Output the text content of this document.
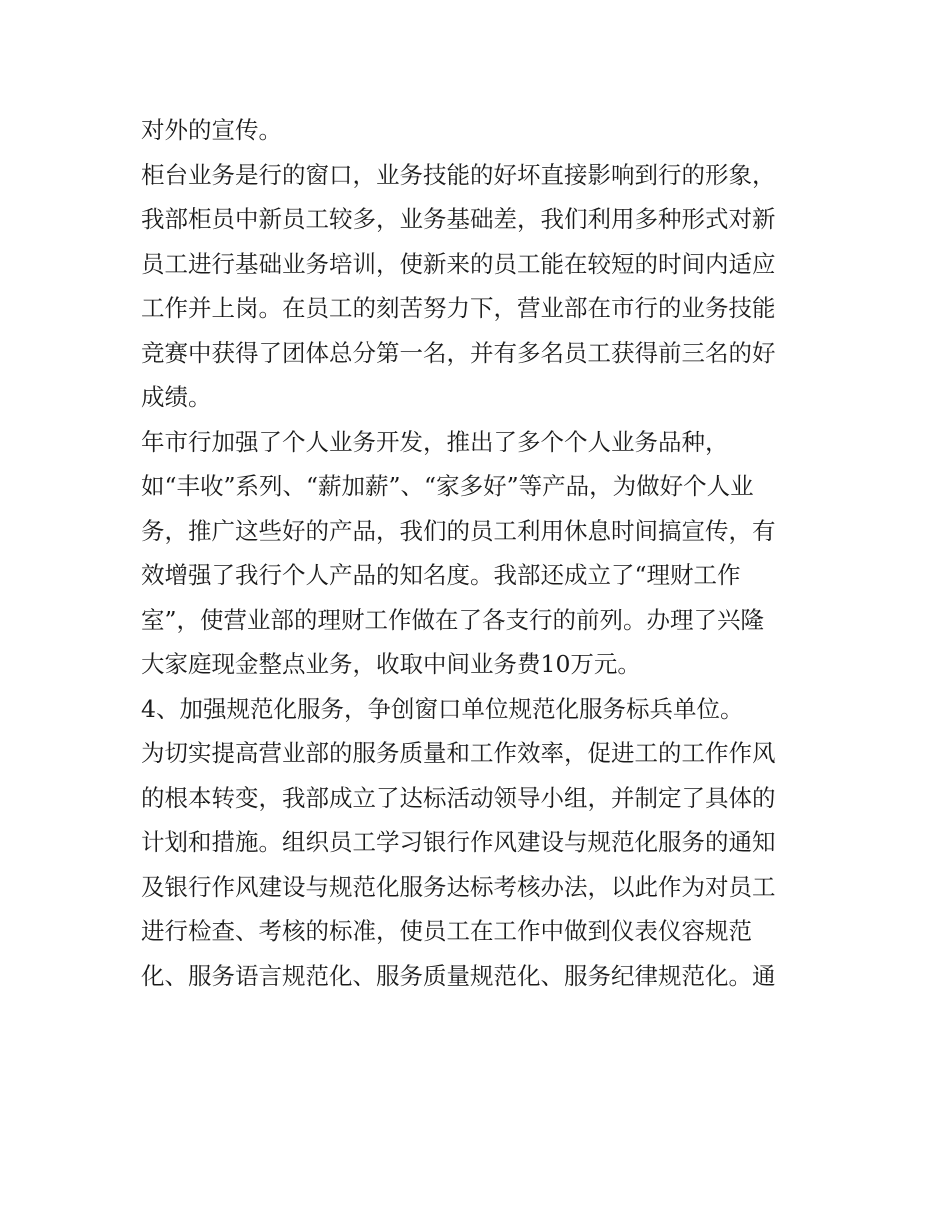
对外的宣传。
柜台业务是行的窗口，业务技能的好坏直接影响到行的形象，
我部柜员中新员工较多，业务基础差，我们利用多种形式对新
员工进行基础业务培训，使新来的员工能在较短的时间内适应
工作并上岗。在员工的刻苦努力下，营业部在市行的业务技能
竞赛中获得了团体总分第一名，并有多名员工获得前三名的好
成绩。
年市行加强了个人业务开发，推出了多个个人业务品种，
如“丰收”系列、“薪加薪”、“家多好”等产品，为做好个人业
务，推广这些好的产品，我们的员工利用休息时间搞宣传，有
效增强了我行个人产品的知名度。我部还成立了“理财工作
室”，使营业部的理财工作做在了各支行的前列。办理了兴隆
大家庭现金整点业务，收取中间业务费10万元。
4、加强规范化服务，争创窗口单位规范化服务标兵单位。
为切实提高营业部的服务质量和工作效率，促进工的工作作风
的根本转变，我部成立了达标活动领导小组，并制定了具体的
计划和措施。组织员工学习银行作风建设与规范化服务的通知
及银行作风建设与规范化服务达标考核办法，以此作为对员工
进行检查、考核的标准，使员工在工作中做到仪表仪容规范
化、服务语言规范化、服务质量规范化、服务纪律规范化。通
